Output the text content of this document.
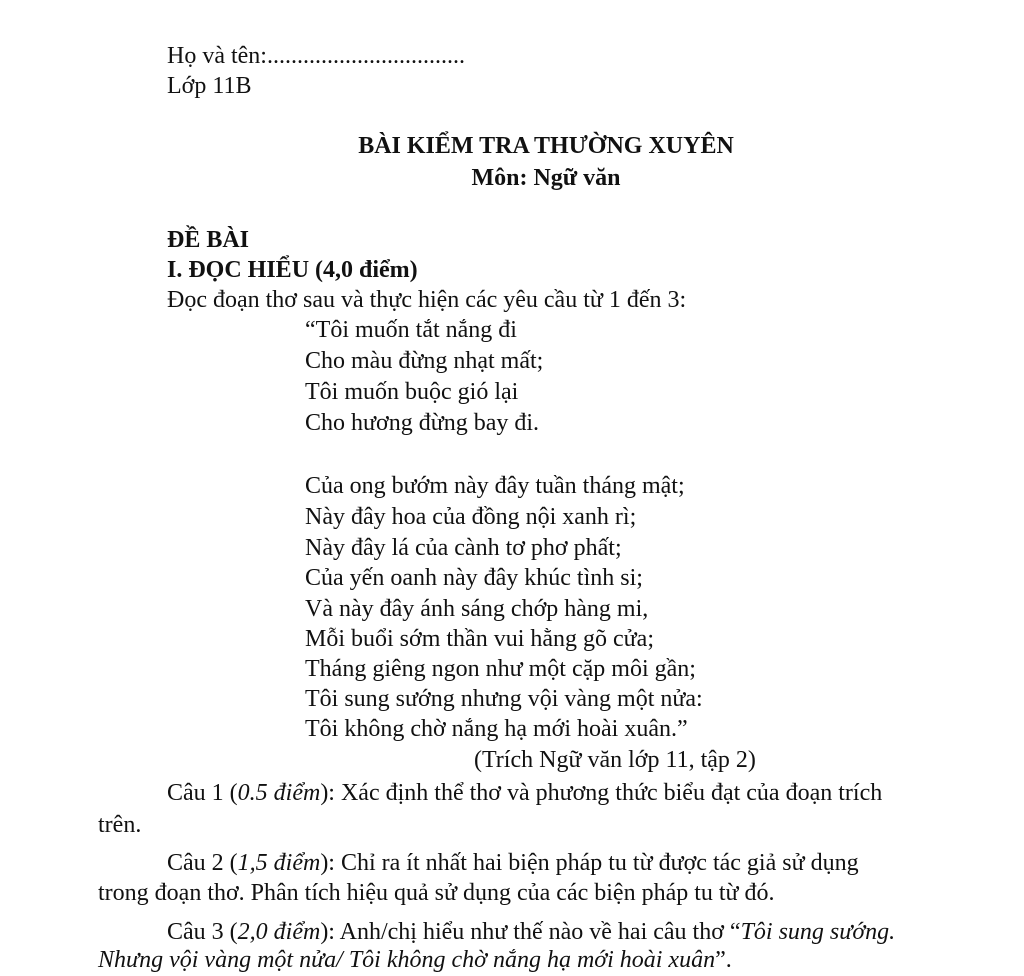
Họ và tên:.................................
Lớp 11B
BÀI KIỂM TRA THƯỜNG XUYÊN
Môn: Ngữ văn
ĐỀ BÀI
I. ĐỌC HIỂU (4,0 điểm)
Đọc đoạn thơ sau và thực hiện các yêu cầu từ 1 đến 3:
“Tôi muốn tắt nắng đi
Cho màu đừng nhạt mất;
Tôi muốn buộc gió lại
Cho hương đừng bay đi.
Của ong bướm này đây tuần tháng mật;
Này đây hoa của đồng nội xanh rì;
Này đây lá của cành tơ phơ phất;
Của yến oanh này đây khúc tình si;
Và này đây ánh sáng chớp hàng mi,
Mỗi buổi sớm thần vui hằng gõ cửa;
Tháng giêng ngon như một cặp môi gần;
Tôi sung sướng nhưng vội vàng một nửa:
Tôi không chờ nắng hạ mới hoài xuân.”
(Trích Ngữ văn lớp 11, tập 2)
Câu 1 (0.5 điểm): Xác định thể thơ và phương thức biểu đạt của đoạn trích
trên.
Câu 2 (1,5 điểm): Chỉ ra ít nhất hai biện pháp tu từ được tác giả sử dụng
trong đoạn thơ. Phân tích hiệu quả sử dụng của các biện pháp tu từ đó.
Câu 3 (2,0 điểm): Anh/chị hiểu như thế nào về hai câu thơ “Tôi sung sướng.
Nhưng vội vàng một nửa/ Tôi không chờ nắng hạ mới hoài xuân”.
